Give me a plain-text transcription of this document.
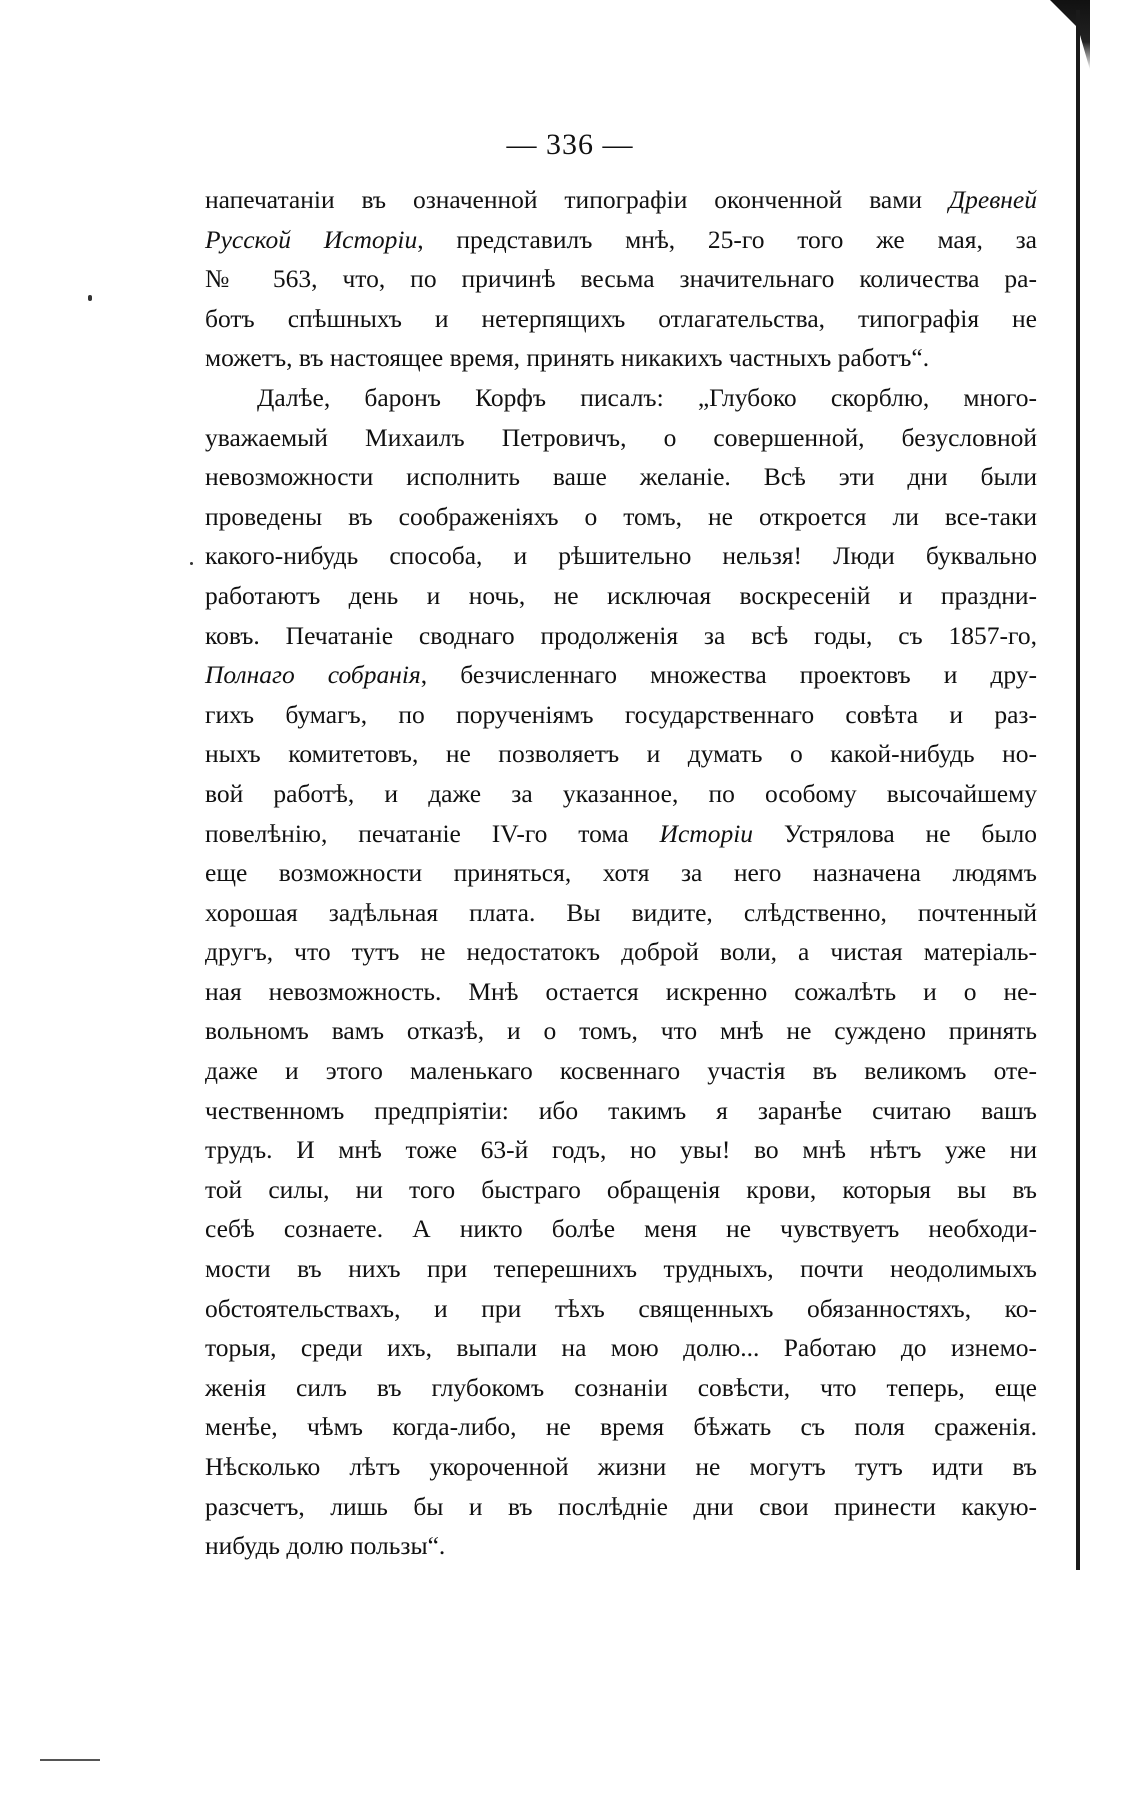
— 336 —
напечатаніи въ означенной типографіи оконченной вами Древней
Русской Исторіи, представилъ мнѣ, 25-го того же мая, за
№ 563, что, по причинѣ весьма значительнаго количества ра-
ботъ спѣшныхъ и нетерпящихъ отлагательства, типографія не
можетъ, въ настоящее время, принять никакихъ частныхъ работъ“.
Далѣе, баронъ Корфъ писалъ: „Глубоко скорблю, много-
уважаемый Михаилъ Петровичъ, о совершенной, безусловной
невозможности исполнить ваше желаніе. Всѣ эти дни были
проведены въ соображеніяхъ о томъ, не откроется ли все-таки
какого-нибудь способа, и рѣшительно нельзя! Люди буквально
работаютъ день и ночь, не исключая воскресеній и праздни-
ковъ. Печатаніе своднаго продолженія за всѣ годы, съ 1857-го,
Полнаго собранія, безчисленнаго множества проектовъ и дру-
гихъ бумагъ, по порученіямъ государственнаго совѣта и раз-
ныхъ комитетовъ, не позволяетъ и думать о какой-нибудь но-
вой работѣ, и даже за указанное, по особому высочайшему
повелѣнію, печатаніе IV-го тома Исторіи Устрялова не было
еще возможности приняться, хотя за него назначена людямъ
хорошая задѣльная плата. Вы видите, слѣдственно, почтенный
другъ, что тутъ не недостатокъ доброй воли, а чистая матеріаль-
ная невозможность. Мнѣ остается искренно сожалѣть и о не-
вольномъ вамъ отказѣ, и о томъ, что мнѣ не суждено принять
даже и этого маленькаго косвеннаго участія въ великомъ оте-
чественномъ предпріятіи: ибо такимъ я заранѣе считаю вашъ
трудъ. И мнѣ тоже 63-й годъ, но увы! во мнѣ нѣтъ уже ни
той силы, ни того быстраго обращенія крови, которыя вы въ
себѣ сознаете. А никто болѣе меня не чувствуетъ необходи-
мости въ нихъ при теперешнихъ трудныхъ, почти неодолимыхъ
обстоятельствахъ, и при тѣхъ священныхъ обязанностяхъ, ко-
торыя, среди ихъ, выпали на мою долю... Работаю до изнемо-
женія силъ въ глубокомъ сознаніи совѣсти, что теперь, еще
менѣе, чѣмъ когда-либо, не время бѣжать съ поля сраженія.
Нѣсколько лѣтъ укороченной жизни не могутъ тутъ идти въ
разсчетъ, лишь бы и въ послѣдніе дни свои принести какую-
нибудь долю пользы“.
